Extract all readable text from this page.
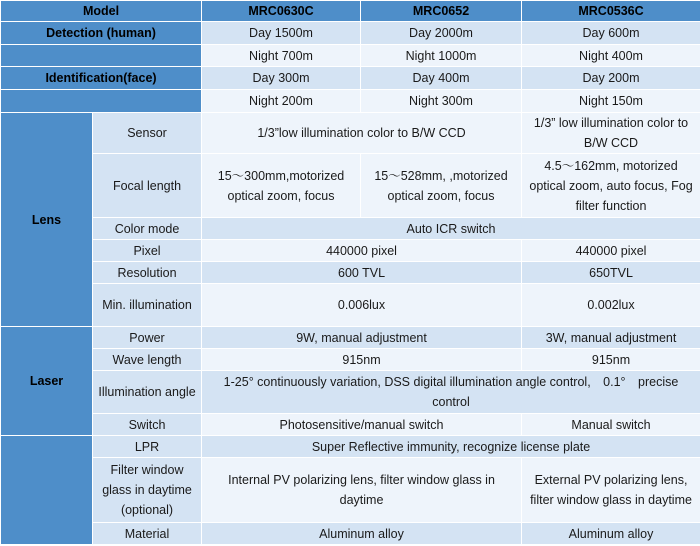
Model		MRC0630C	MRC0652	MRC0536C
Detection (human)		Day 1500m	Day 2000m	Day 600m
		Night 700m	Night 1000m	Night 400m
Identification(face)		Day 300m	Day 400m	Day 200m
		Night 200m	Night 300m	Night 150m
Lens	Sensor	1/3”low illumination color to B/W CCD		1/3” low illumination color to B/W CCD
	Focal length	15～300mm,motorized optical zoom, focus	15～528mm, ,motorized optical zoom, focus	4.5～162mm, motorized optical zoom, auto focus, Fog filter function
	Color mode	Auto ICR switch		
	Pixel	440000 pixel		440000 pixel
	Resolution	600 TVL		650TVL
	Min. illumination	0.006lux		0.002lux

Laser	Power	9W, manual adjustment		3W, manual adjustment
	Wave length	915nm		915nm
	Illumination angle	1-25° continuously variation, DSS digital illumination angle control,　0.1°　precise control		
	Switch	Photosensitive/manual switch		Manual switch
	LPR	Super Reflective immunity, recognize license plate		
	Filter window glass in daytime (optional)	Internal PV polarizing lens, filter window glass in daytime		External PV polarizing lens, filter window glass in daytime
	Material	Aluminum alloy		Aluminum alloy
